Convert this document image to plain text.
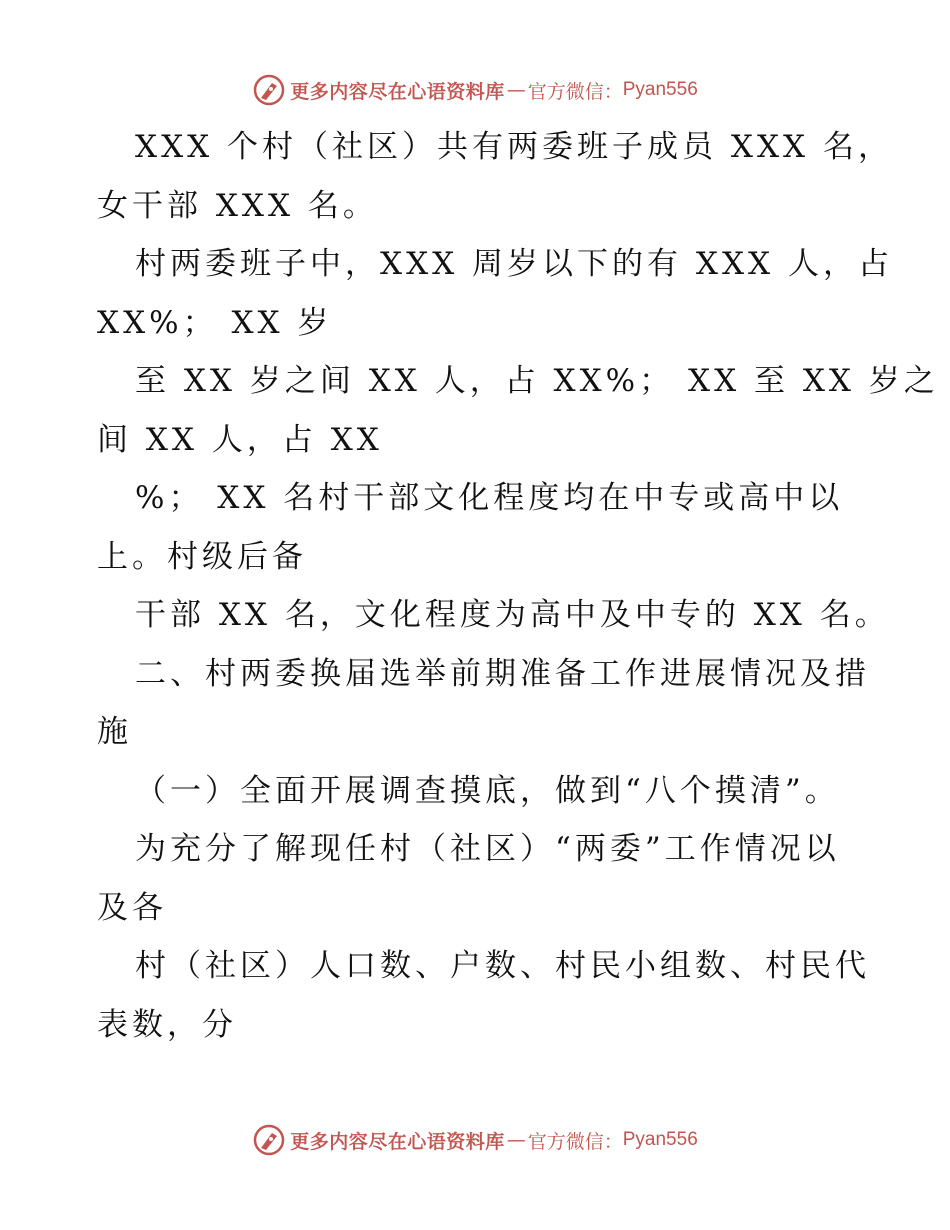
更多内容尽在心语资料库 — 官方微信： Pyan556
XXX 个村（社区）共有两委班子成员 XXX 名，
女干部 XXX 名。
村两委班子中，XXX 周岁以下的有 XXX 人，占
XX%； XX 岁
至 XX 岁之间 XX 人，占 XX%； XX 至 XX 岁之
间 XX 人，占 XX
%； XX 名村干部文化程度均在中专或高中以
上。村级后备
干部 XX 名，文化程度为高中及中专的 XX 名。
二、村两委换届选举前期准备工作进展情况及措
施
（一）全面开展调查摸底，做到“八个摸清”。
为充分了解现任村（社区）“两委”工作情况以
及各
村（社区）人口数、户数、村民小组数、村民代
表数，分
更多内容尽在心语资料库 — 官方微信： Pyan556
